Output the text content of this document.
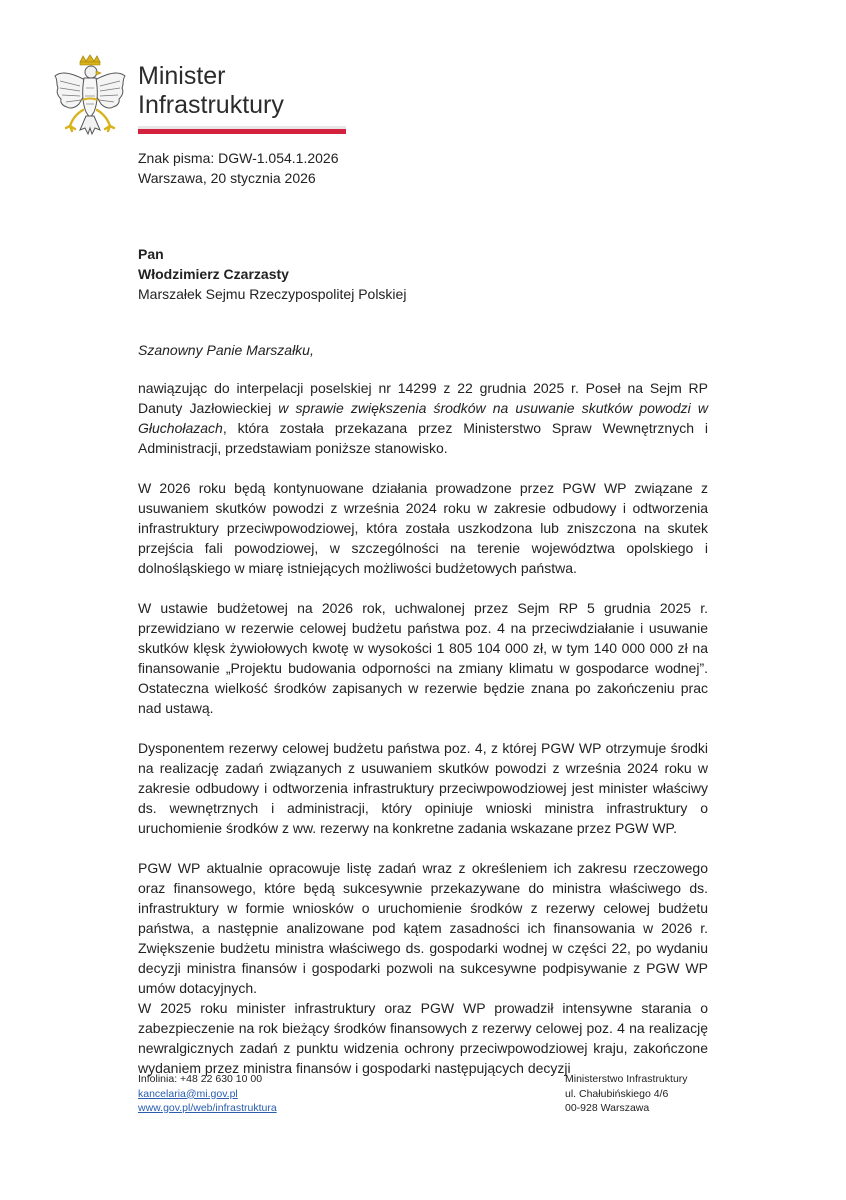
Minister
Infrastruktury
Znak pisma: DGW-1.054.1.2026
Warszawa, 20 stycznia 2026
Pan
Włodzimierz Czarzasty
Marszałek Sejmu Rzeczypospolitej Polskiej
Szanowny Panie Marszałku,

nawiązując do interpelacji poselskiej nr 14299 z 22 grudnia 2025 r. Poseł na Sejm RP Danuty Jazłowieckiej w sprawie zwiększenia środków na usuwanie skutków powodzi w Głuchołazach, która została przekazana przez Ministerstwo Spraw Wewnętrznych i Administracji, przedstawiam poniższe stanowisko.

W 2026 roku będą kontynuowane działania prowadzone przez PGW WP związane z usuwaniem skutków powodzi z września 2024 roku w zakresie odbudowy i odtworzenia infrastruktury przeciwpowodziowej, która została uszkodzona lub zniszczona na skutek przejścia fali powodziowej, w szczególności na terenie województwa opolskiego i dolnośląskiego w miarę istniejących możliwości budżetowych państwa.

W ustawie budżetowej na 2026 rok, uchwalonej przez Sejm RP 5 grudnia 2025 r. przewidziano w rezerwie celowej budżetu państwa poz. 4 na przeciwdziałanie i usuwanie skutków klęsk żywiołowych kwotę w wysokości 1 805 104 000 zł, w tym 140 000 000 zł na finansowanie „Projektu budowania odporności na zmiany klimatu w gospodarce wodnej”. Ostateczna wielkość środków zapisanych w rezerwie będzie znana po zakończeniu prac nad ustawą.

Dysponentem rezerwy celowej budżetu państwa poz. 4, z której PGW WP otrzymuje środki na realizację zadań związanych z usuwaniem skutków powodzi z września 2024 roku w zakresie odbudowy i odtworzenia infrastruktury przeciwpowodziowej jest minister właściwy ds. wewnętrznych i administracji, który opiniuje wnioski ministra infrastruktury o uruchomienie środków z ww. rezerwy na konkretne zadania wskazane przez PGW WP.

PGW WP aktualnie opracowuje listę zadań wraz z określeniem ich zakresu rzeczowego oraz finansowego, które będą sukcesywnie przekazywane do ministra właściwego ds. infrastruktury w formie wniosków o uruchomienie środków z rezerwy celowej budżetu państwa, a następnie analizowane pod kątem zasadności ich finansowania w 2026 r. Zwiększenie budżetu ministra właściwego ds. gospodarki wodnej w części 22, po wydaniu decyzji ministra finansów i gospodarki pozwoli na sukcesywne podpisywanie z PGW WP umów dotacyjnych.

W 2025 roku minister infrastruktury oraz PGW WP prowadził intensywne starania o zabezpieczenie na rok bieżący środków finansowych z rezerwy celowej poz. 4 na realizację newralgicznych zadań z punktu widzenia ochrony przeciwpowodziowej kraju, zakończone wydaniem przez ministra finansów i gospodarki następujących decyzji

Infolinia: +48 22 630 10 00
kancelaria@mi.gov.pl
www.gov.pl/web/infrastruktura
Ministerstwo Infrastruktury
ul. Chałubińskiego 4/6
00-928 Warszawa
